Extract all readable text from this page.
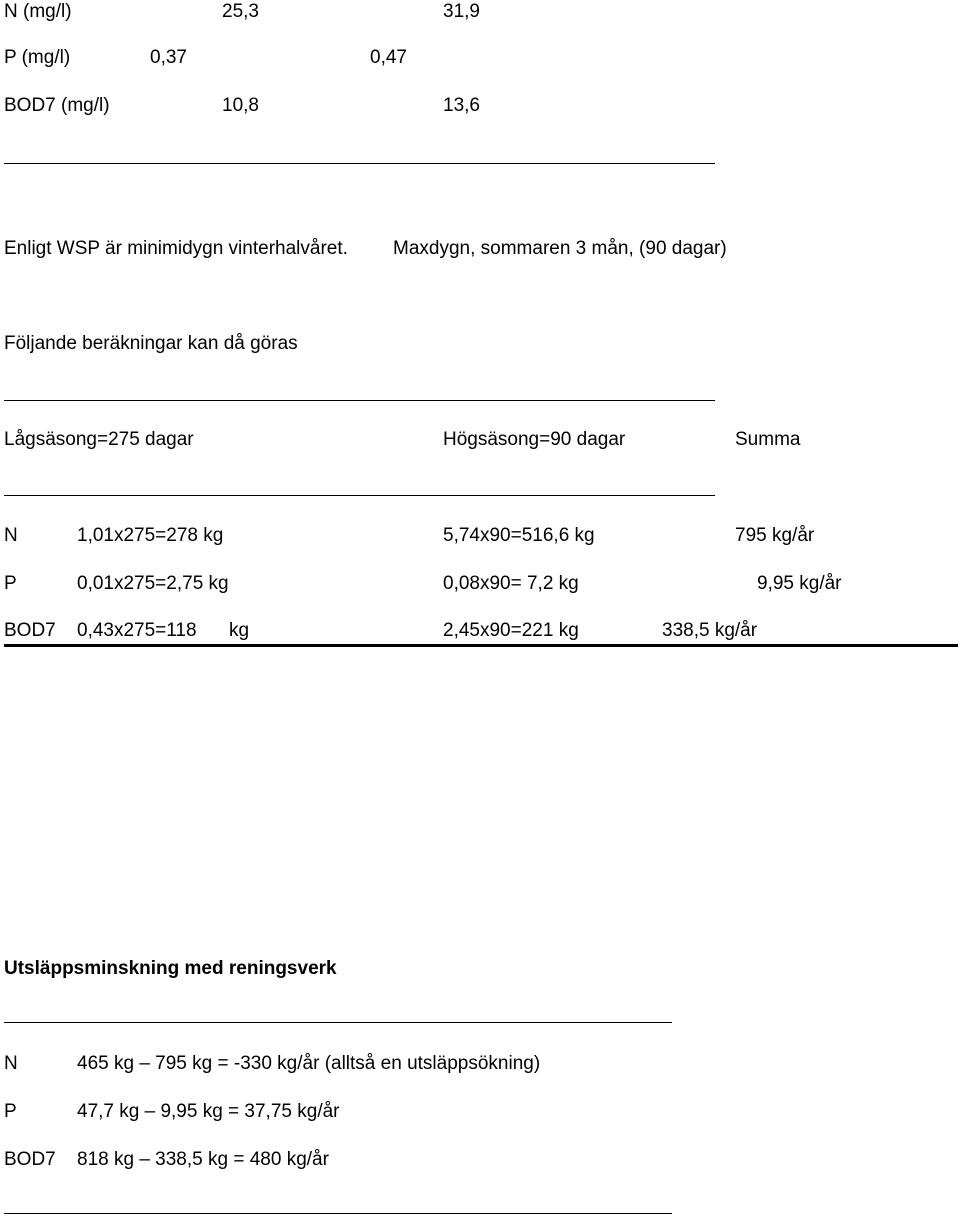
N (mg/l)	25,3	31,9
P (mg/l)	0,37	0,47
BOD7 (mg/l)	10,8	13,6
Enligt WSP är minimidygn vinterhalvåret. Maxdygn, sommaren 3 mån, (90 dagar)
Följande beräkningar kan då göras
Lågsäsong=275 dagar	Högsäsong=90 dagar	Summa
N	1,01x275=278 kg	5,74x90=516,6 kg	795 kg/år
P	0,01x275=2,75 kg	0,08x90= 7,2 kg	9,95 kg/år
BOD7 0,43x275=118 kg	2,45x90=221 kg	338,5 kg/år
Utsläppsminskning med reningsverk
N	465 kg – 795 kg = -330 kg/år (alltså en utsläppsökning)
P	47,7 kg – 9,95 kg = 37,75 kg/år
BOD7 818 kg – 338,5 kg = 480 kg/år
